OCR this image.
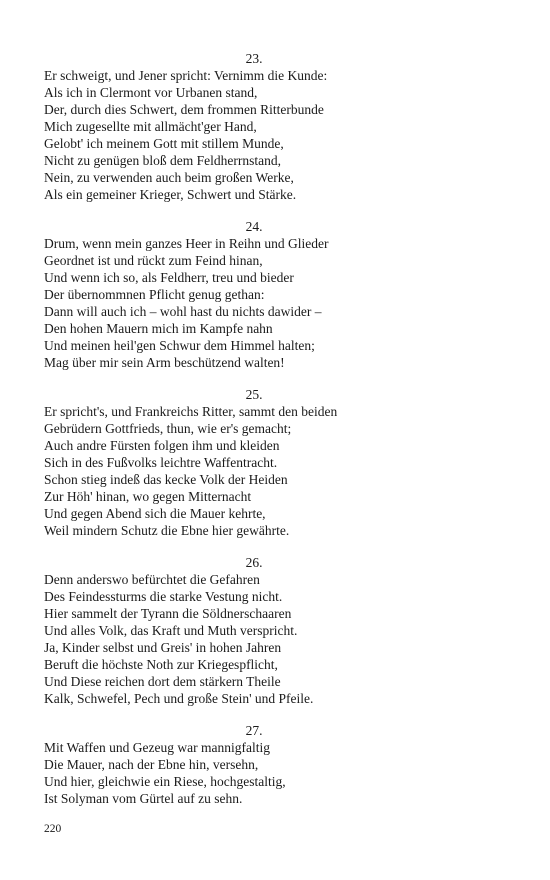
23.
Er schweigt, und Jener spricht: Vernimm die Kunde:
Als ich in Clermont vor Urbanen stand,
Der, durch dies Schwert, dem frommen Ritterbunde
Mich zugesellte mit allmächt'ger Hand,
Gelobt' ich meinem Gott mit stillem Munde,
Nicht zu genügen bloß dem Feldherrnstand,
Nein, zu verwenden auch beim großen Werke,
Als ein gemeiner Krieger, Schwert und Stärke.
24.
Drum, wenn mein ganzes Heer in Reihn und Glieder
Geordnet ist und rückt zum Feind hinan,
Und wenn ich so, als Feldherr, treu und bieder
Der übernommnen Pflicht genug gethan:
Dann will auch ich – wohl hast du nichts dawider –
Den hohen Mauern mich im Kampfe nahn
Und meinen heil'gen Schwur dem Himmel halten;
Mag über mir sein Arm beschützend walten!
25.
Er spricht's, und Frankreichs Ritter, sammt den beiden
Gebrüdern Gottfrieds, thun, wie er's gemacht;
Auch andre Fürsten folgen ihm und kleiden
Sich in des Fußvolks leichtre Waffentracht.
Schon stieg indeß das kecke Volk der Heiden
Zur Höh' hinan, wo gegen Mitternacht
Und gegen Abend sich die Mauer kehrte,
Weil mindern Schutz die Ebne hier gewährte.
26.
Denn anderswo befürchtet die Gefahren
Des Feindessturms die starke Vestung nicht.
Hier sammelt der Tyrann die Söldnerschaaren
Und alles Volk, das Kraft und Muth verspricht.
Ja, Kinder selbst und Greis' in hohen Jahren
Beruft die höchste Noth zur Kriegespflicht,
Und Diese reichen dort dem stärkern Theile
Kalk, Schwefel, Pech und große Stein' und Pfeile.
27.
Mit Waffen und Gezeug war mannigfaltig
Die Mauer, nach der Ebne hin, versehn,
Und hier, gleichwie ein Riese, hochgestaltig,
Ist Solyman vom Gürtel auf zu sehn.
220
